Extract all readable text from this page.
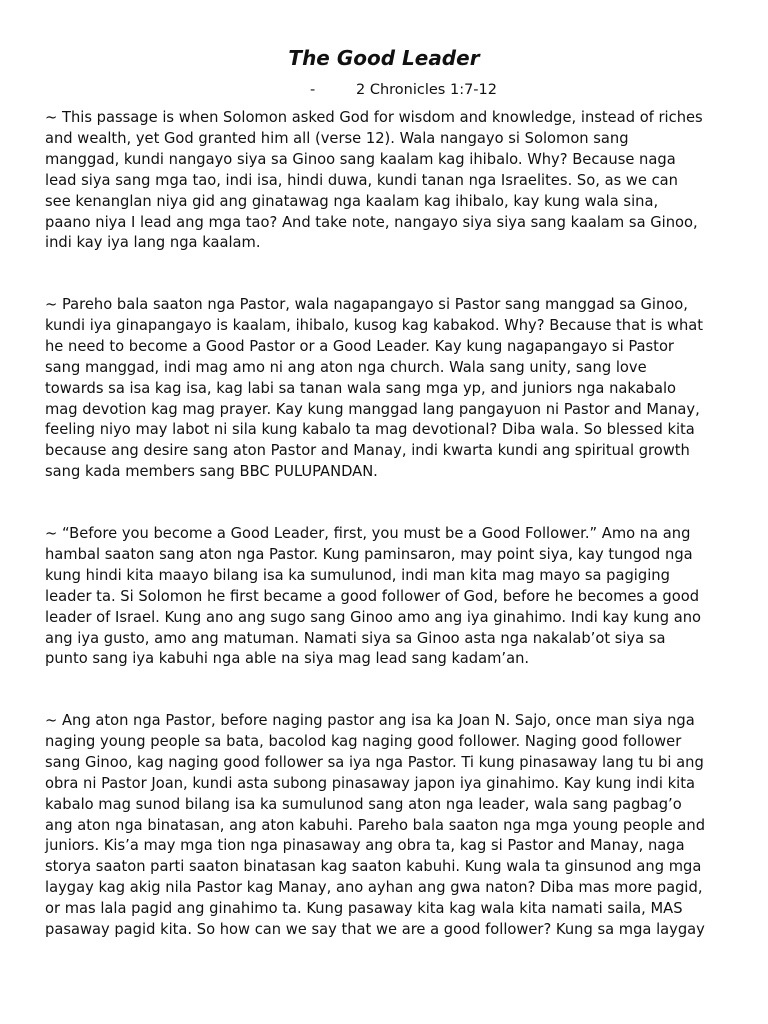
The Good Leader
-	2 Chronicles 1:7-12

~ This passage is when Solomon asked God for wisdom and knowledge, instead of riches
and wealth, yet God granted him all (verse 12). Wala nangayo si Solomon sang
manggad, kundi nangayo siya sa Ginoo sang kaalam kag ihibalo. Why? Because naga
lead siya sang mga tao, indi isa, hindi duwa, kundi tanan nga Israelites. So, as we can
see kenanglan niya gid ang ginatawag nga kaalam kag ihibalo, kay kung wala sina,
paano niya I lead ang mga tao? And take note, nangayo siya siya sang kaalam sa Ginoo,
indi kay iya lang nga kaalam.

~ Pareho bala saaton nga Pastor, wala nagapangayo si Pastor sang manggad sa Ginoo,
kundi iya ginapangayo is kaalam, ihibalo, kusog kag kabakod. Why? Because that is what
he need to become a Good Pastor or a Good Leader. Kay kung nagapangayo si Pastor
sang manggad, indi mag amo ni ang aton nga church. Wala sang unity, sang love
towards sa isa kag isa, kag labi sa tanan wala sang mga yp, and juniors nga nakabalo
mag devotion kag mag prayer. Kay kung manggad lang pangayuon ni Pastor and Manay,
feeling niyo may labot ni sila kung kabalo ta mag devotional? Diba wala. So blessed kita
because ang desire sang aton Pastor and Manay, indi kwarta kundi ang spiritual growth
sang kada members sang BBC PULUPANDAN.

~ “Before you become a Good Leader, first, you must be a Good Follower.” Amo na ang
hambal saaton sang aton nga Pastor. Kung paminsaron, may point siya, kay tungod nga
kung hindi kita maayo bilang isa ka sumulunod, indi man kita mag mayo sa pagiging
leader ta. Si Solomon he first became a good follower of God, before he becomes a good
leader of Israel. Kung ano ang sugo sang Ginoo amo ang iya ginahimo. Indi kay kung ano
ang iya gusto, amo ang matuman. Namati siya sa Ginoo asta nga nakalab’ot siya sa
punto sang iya kabuhi nga able na siya mag lead sang kadam’an.

~ Ang aton nga Pastor, before naging pastor ang isa ka Joan N. Sajo, once man siya nga
naging young people sa bata, bacolod kag naging good follower. Naging good follower
sang Ginoo, kag naging good follower sa iya nga Pastor. Ti kung pinasaway lang tu bi ang
obra ni Pastor Joan, kundi asta subong pinasaway japon iya ginahimo. Kay kung indi kita
kabalo mag sunod bilang isa ka sumulunod sang aton nga leader, wala sang pagbag’o
ang aton nga binatasan, ang aton kabuhi. Pareho bala saaton nga mga young people and
juniors. Kis’a may mga tion nga pinasaway ang obra ta, kag si Pastor and Manay, naga
storya saaton parti saaton binatasan kag saaton kabuhi. Kung wala ta ginsunod ang mga
laygay kag akig nila Pastor kag Manay, ano ayhan ang gwa naton? Diba mas more pagid,
or mas lala pagid ang ginahimo ta. Kung pasaway kita kag wala kita namati saila, MAS
pasaway pagid kita. So how can we say that we are a good follower? Kung sa mga laygay
